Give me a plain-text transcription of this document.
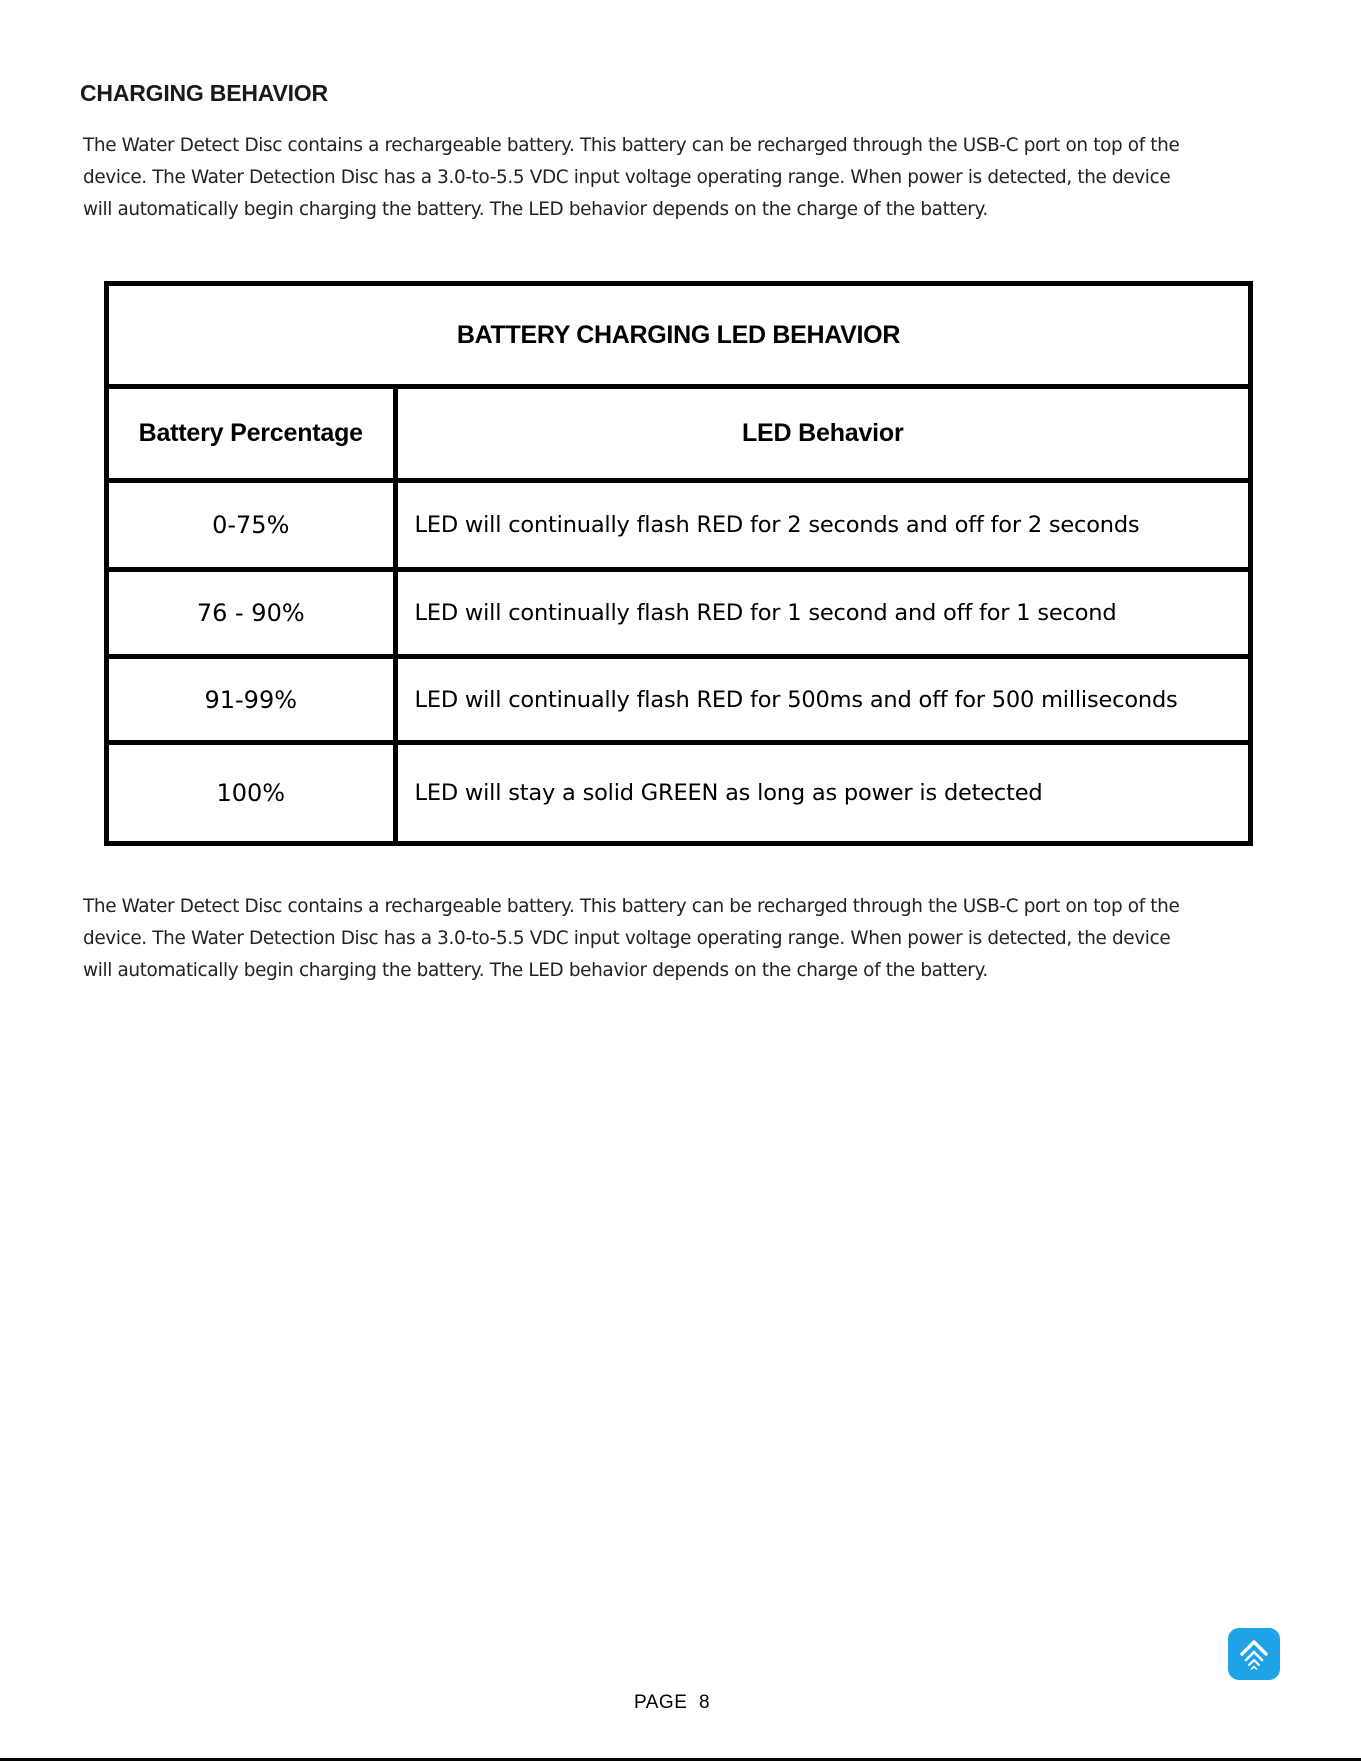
CHARGING BEHAVIOR

The Water Detect Disc contains a rechargeable battery. This battery can be recharged through the USB-C port on top of the
device. The Water Detection Disc has a 3.0-to-5.5 VDC input voltage operating range. When power is detected, the device
will automatically begin charging the battery. The LED behavior depends on the charge of the battery.

BATTERY CHARGING LED BEHAVIOR	
Battery Percentage	LED Behavior
0-75%	LED will continually flash RED for 2 seconds and off for 2 seconds
76 - 90%	LED will continually flash RED for 1 second and off for 1 second
91-99%	LED will continually flash RED for 500ms and off for 500 milliseconds
100%	LED will stay a solid GREEN as long as power is detected

The Water Detect Disc contains a rechargeable battery. This battery can be recharged through the USB-C port on top of the
device. The Water Detection Disc has a 3.0-to-5.5 VDC input voltage operating range. When power is detected, the device
will automatically begin charging the battery. The LED behavior depends on the charge of the battery.

PAGE  8
